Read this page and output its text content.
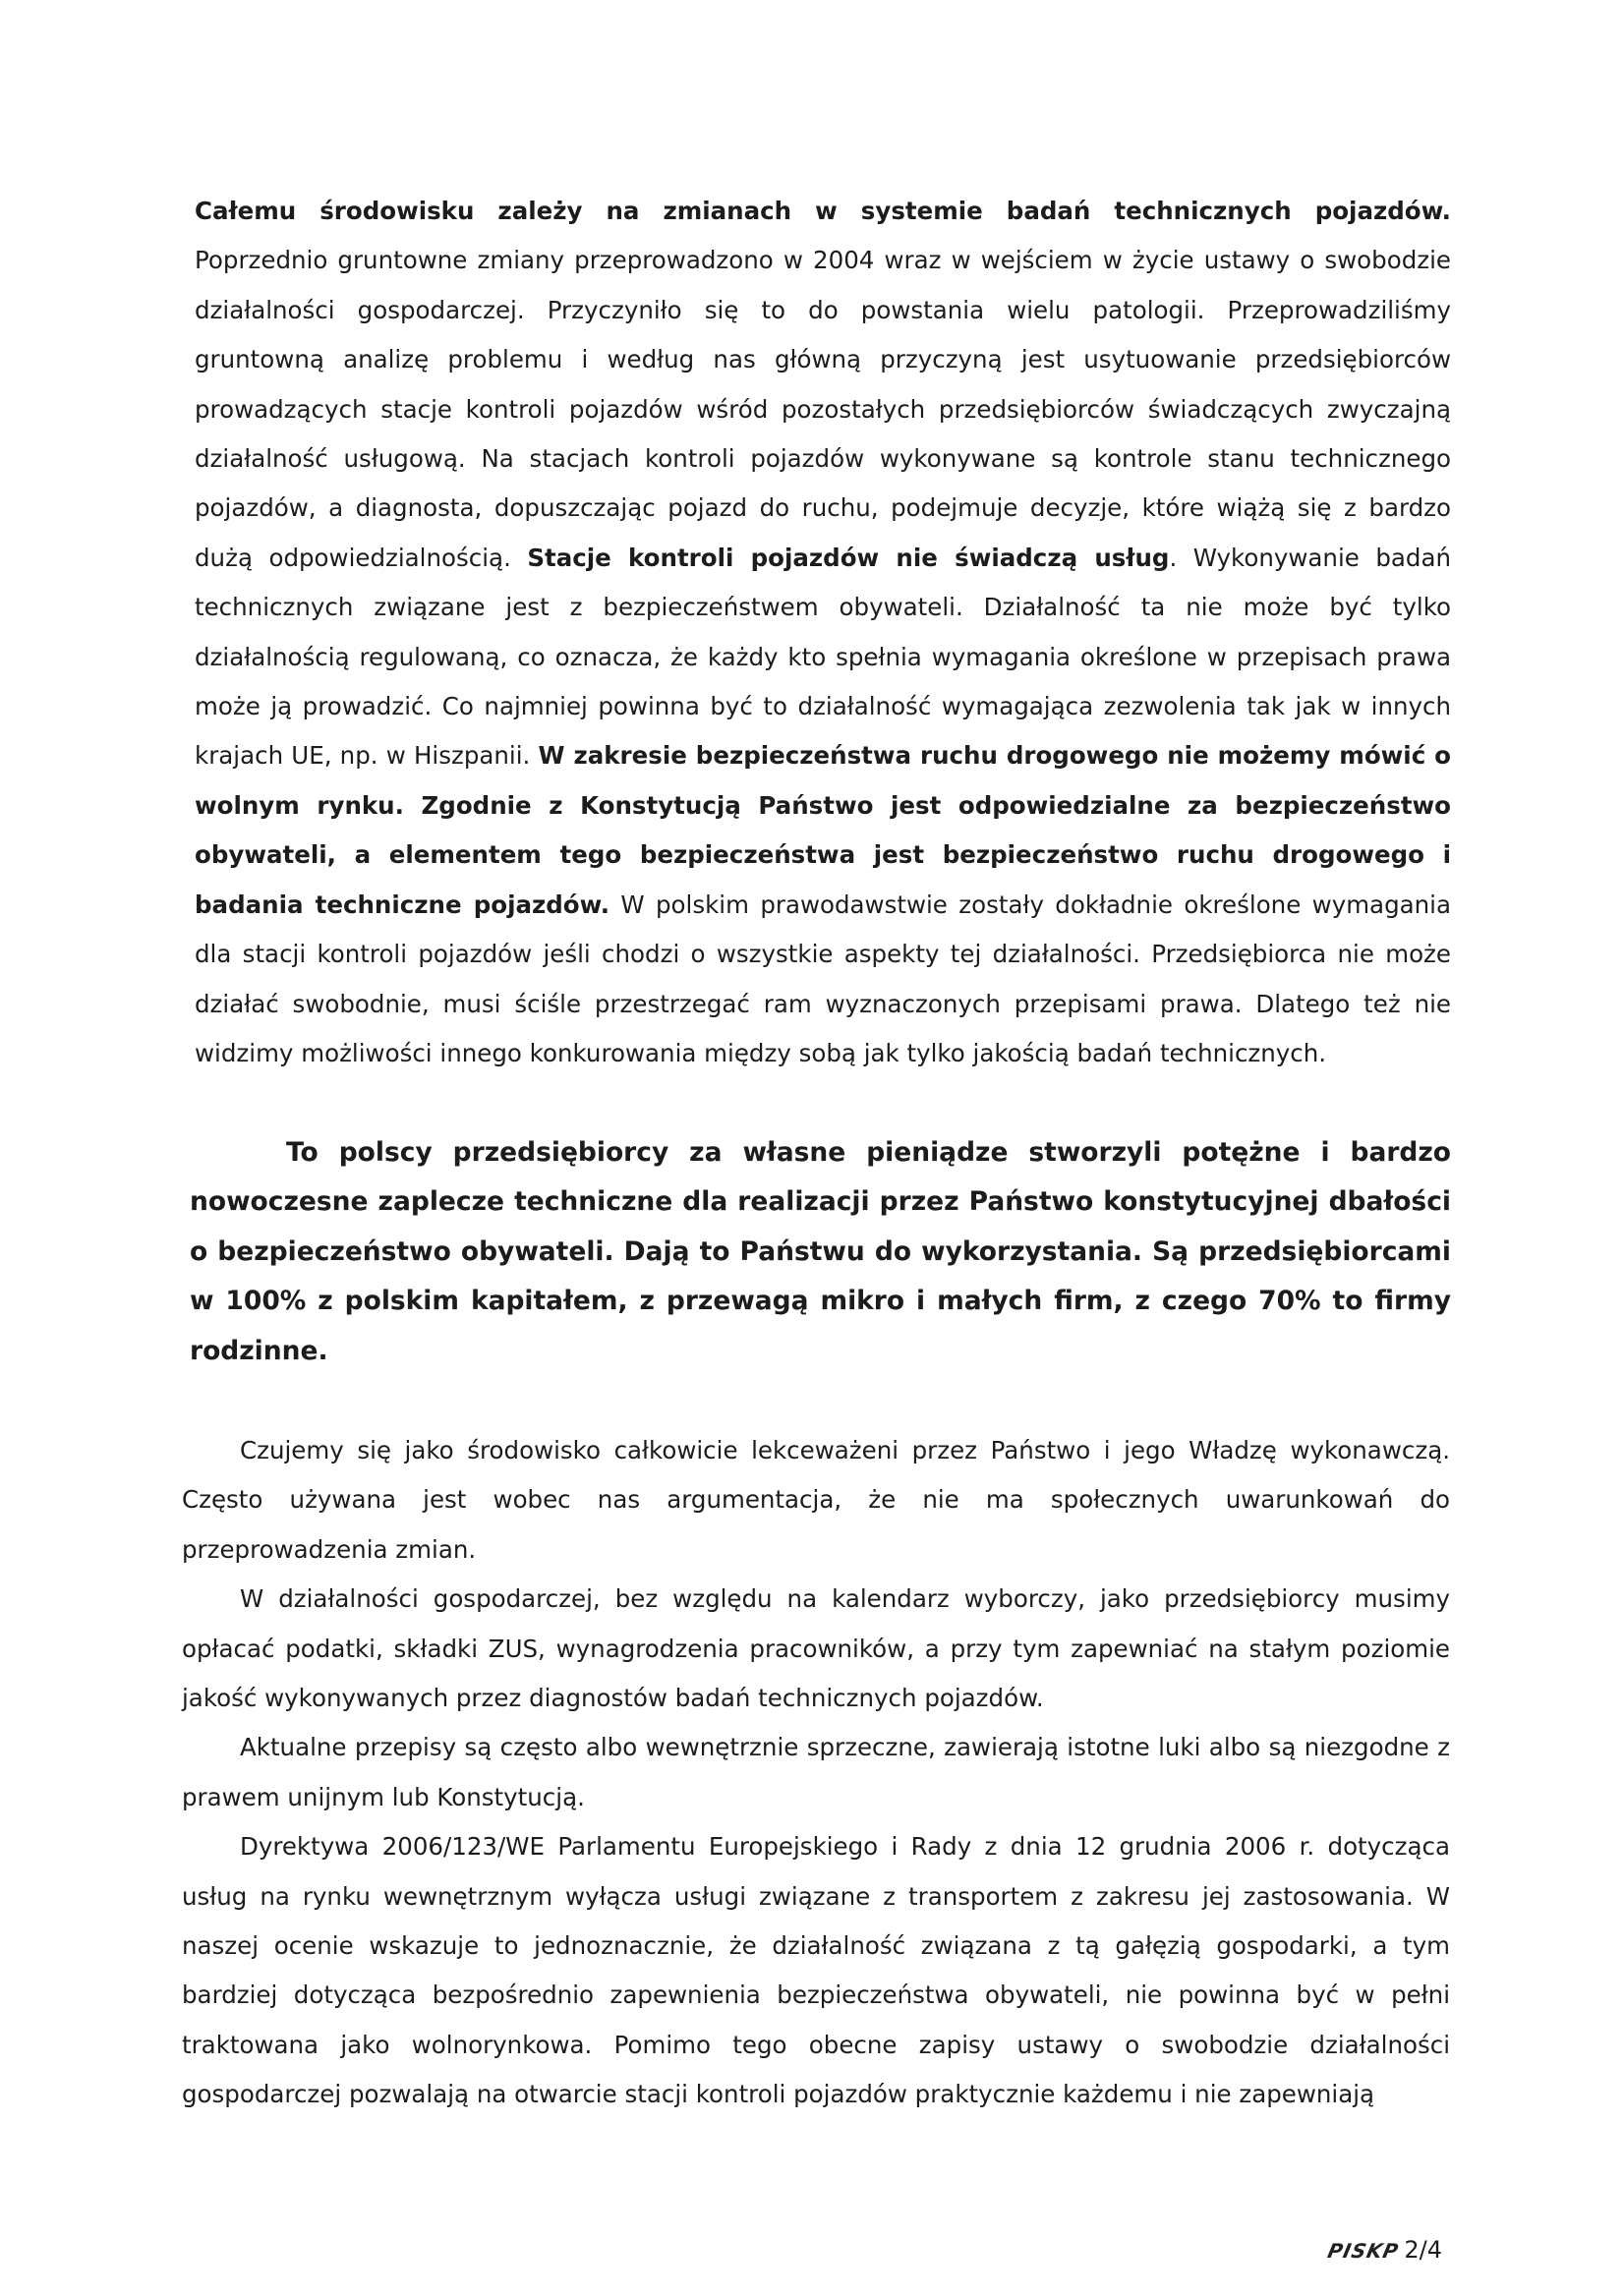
Całemu środowisku zależy na zmianach w systemie badań technicznych pojazdów. Poprzednio gruntowne zmiany przeprowadzono w 2004 wraz w wejściem w życie ustawy o swobodzie działalności gospodarczej. Przyczyniło się to do powstania wielu patologii. Przeprowadziliśmy gruntowną analizę problemu i według nas główną przyczyną jest usytuowanie przedsiębiorców prowadzących stacje kontroli pojazdów wśród pozostałych przedsiębiorców świadczących zwyczajną działalność usługową. Na stacjach kontroli pojazdów wykonywane są kontrole stanu technicznego pojazdów, a diagnosta, dopuszczając pojazd do ruchu, podejmuje decyzje, które wiążą się z bardzo dużą odpowiedzialnością. Stacje kontroli pojazdów nie świadczą usług. Wykonywanie badań technicznych związane jest z bezpieczeństwem obywateli. Działalność ta nie może być tylko działalnością regulowaną, co oznacza, że każdy kto spełnia wymagania określone w przepisach prawa może ją prowadzić. Co najmniej powinna być to działalność wymagająca zezwolenia tak jak w innych krajach UE, np. w Hiszpanii. W zakresie bezpieczeństwa ruchu drogowego nie możemy mówić o wolnym rynku. Zgodnie z Konstytucją Państwo jest odpowiedzialne za bezpieczeństwo obywateli, a elementem tego bezpieczeństwa jest bezpieczeństwo ruchu drogowego i badania techniczne pojazdów. W polskim prawodawstwie zostały dokładnie określone wymagania dla stacji kontroli pojazdów jeśli chodzi o wszystkie aspekty tej działalności. Przedsiębiorca nie może działać swobodnie, musi ściśle przestrzegać ram wyznaczonych przepisami prawa. Dlatego też nie widzimy możliwości innego konkurowania między sobą jak tylko jakością badań technicznych.

To polscy przedsiębiorcy za własne pieniądze stworzyli potężne i bardzo nowoczesne zaplecze techniczne dla realizacji przez Państwo konstytucyjnej dbałości o bezpieczeństwo obywateli. Dają to Państwu do wykorzystania. Są przedsiębiorcami w 100% z polskim kapitałem, z przewagą mikro i małych firm, z czego 70% to firmy rodzinne.

Czujemy się jako środowisko całkowicie lekceważeni przez Państwo i jego Władzę wykonawczą. Często używana jest wobec nas argumentacja, że nie ma społecznych uwarunkowań do przeprowadzenia zmian.

W działalności gospodarczej, bez względu na kalendarz wyborczy, jako przedsiębiorcy musimy opłacać podatki, składki ZUS, wynagrodzenia pracowników, a przy tym zapewniać na stałym poziomie jakość wykonywanych przez diagnostów badań technicznych pojazdów.

Aktualne przepisy są często albo wewnętrznie sprzeczne, zawierają istotne luki albo są niezgodne z prawem unijnym lub Konstytucją.

Dyrektywa 2006/123/WE Parlamentu Europejskiego i Rady z dnia 12 grudnia 2006 r. dotycząca usług na rynku wewnętrznym wyłącza usługi związane z transportem z zakresu jej zastosowania. W naszej ocenie wskazuje to jednoznacznie, że działalność związana z tą gałęzią gospodarki, a tym bardziej dotycząca bezpośrednio zapewnienia bezpieczeństwa obywateli, nie powinna być w pełni traktowana jako wolnorynkowa. Pomimo tego obecne zapisy ustawy o swobodzie działalności gospodarczej pozwalają na otwarcie stacji kontroli pojazdów praktycznie każdemu i nie zapewniają

PISKP 2/4
